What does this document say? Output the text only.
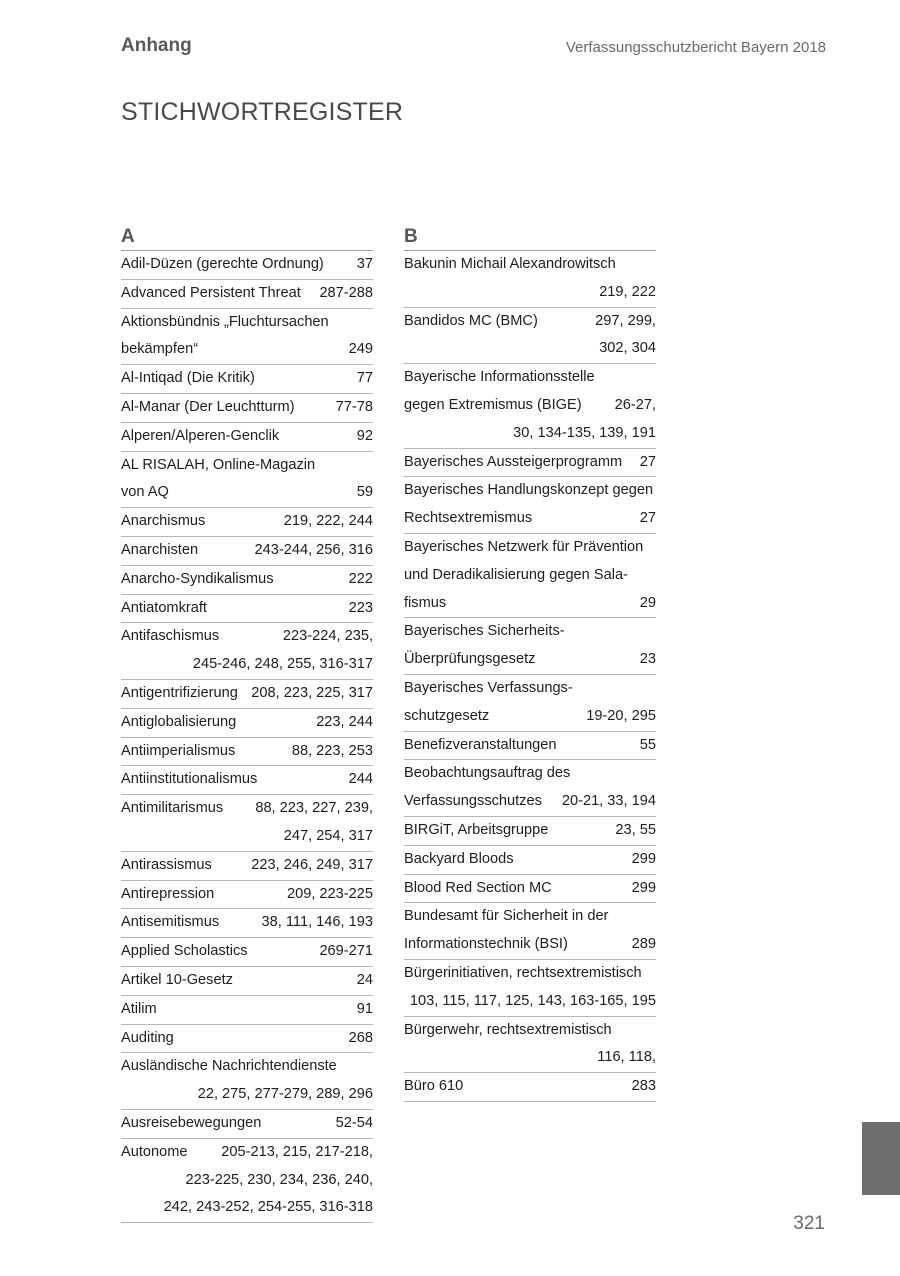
Anhang	Verfassungsschutzbericht Bayern 2018
STICHWORTREGISTER
A
Adil-Düzen (gerechte Ordnung) 37
Advanced Persistent Threat 287-288
Aktionsbündnis „Fluchtursachen
bekämpfen“	249
Al-Intiqad (Die Kritik)	77
Al-Manar (Der Leuchtturm)	77-78
Alperen/Alperen-Genclik	92
AL RISALAH, Online-Magazin
von AQ	59
Anarchismus	219, 222, 244
Anarchisten	243-244, 256, 316
Anarcho-Syndikalismus	222
Antiatomkraft	223
Antifaschismus	223-224, 235,
245-246, 248, 255, 316-317
Antigentrifizierung 208, 223, 225, 317
Antiglobalisierung	223, 244
Antiimperialismus	88, 223, 253
Antiinstitutionalismus	244
Antimilitarismus 88, 223, 227, 239,
247, 254, 317
Antirassismus	223, 246, 249, 317
Antirepression	209, 223-225
Antisemitismus	38, 111, 146, 193
Applied Scholastics	269-271
Artikel 10-Gesetz	24
Atilim	91
Auditing	268
Ausländische Nachrichtendienste
22, 275, 277-279, 289, 296
Ausreisebewegungen	52-54
Autonome 205-213, 215, 217-218,
223-225, 230, 234, 236, 240,
242, 243-252, 254-255, 316-318
B
Bakunin Michail Alexandrowitsch
219, 222
Bandidos MC (BMC)	297, 299,
302, 304
Bayerische Informationsstelle
gegen Extremismus (BIGE) 26-27,
30, 134-135, 139, 191
Bayerisches Aussteigerprogramm 27
Bayerisches Handlungskonzept gegen
Rechtsextremismus	27
Bayerisches Netzwerk für Prävention
und Deradikalisierung gegen Sala-
fismus	29
Bayerisches Sicherheits-
Überprüfungsgesetz	23
Bayerisches Verfassungs-
schutzgesetz	19-20, 295
Benefizveranstaltungen	55
Beobachtungsauftrag des
Verfassungsschutzes 20-21, 33, 194
BIRGiT, Arbeitsgruppe	23, 55
Backyard Bloods	299
Blood Red Section MC	299
Bundesamt für Sicherheit in der
Informationstechnik (BSI)	289
Bürgerinitiativen, rechtsextremistisch
103, 115, 117, 125, 143, 163-165, 195
Bürgerwehr, rechtsextremistisch
116, 118,
Büro 610	283
321
